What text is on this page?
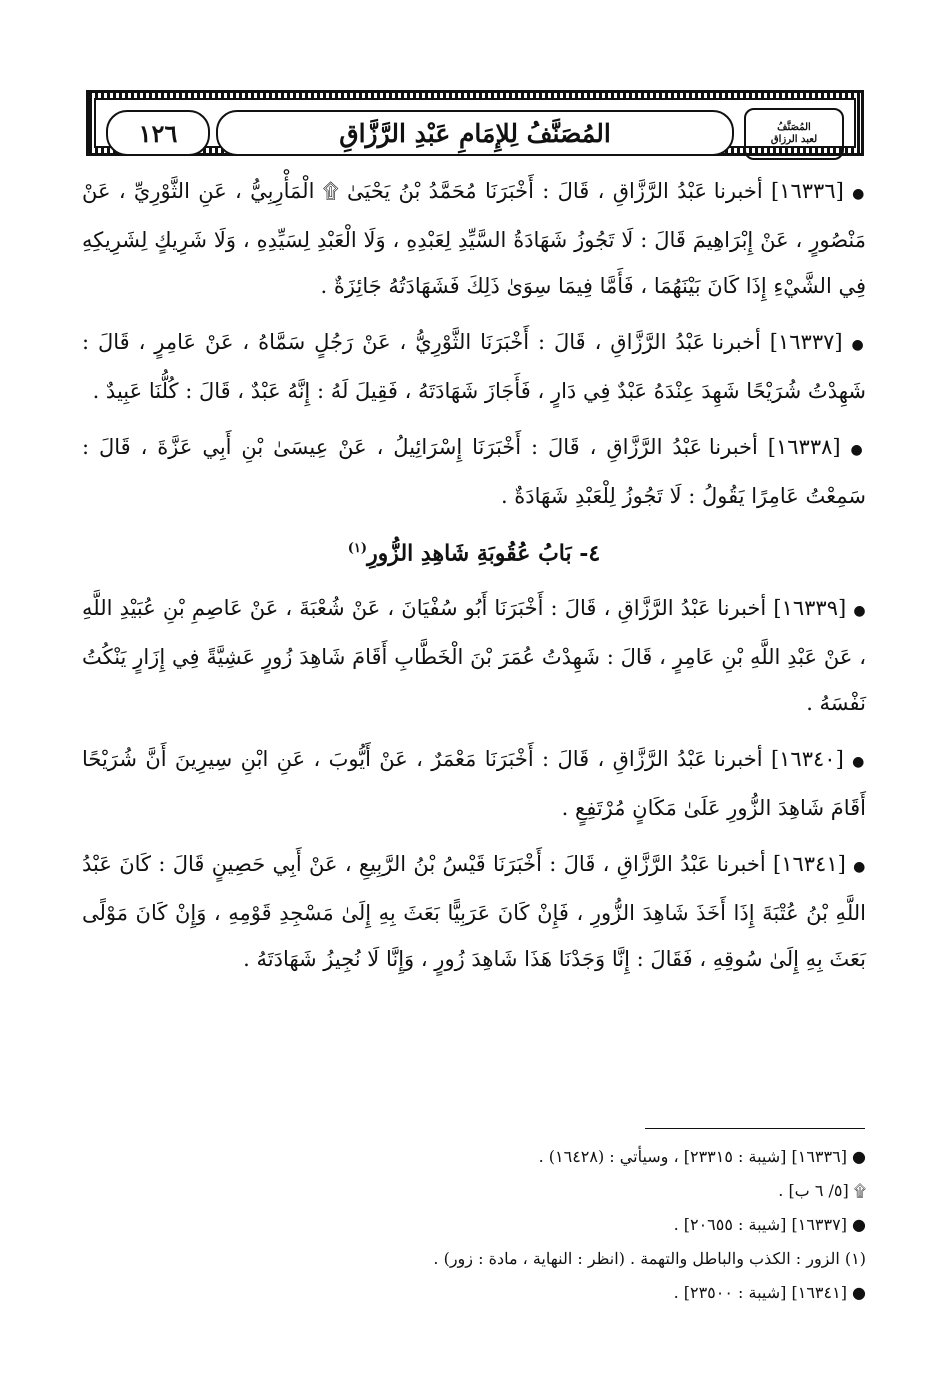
١٢٦	المُصَنَّفُ لِلإِمَامِ عَبْدِ الرَّزَّاقِ	المُصَنَّفُ
لعبد الرزاق

● [١٦٣٣٦] أخبرنا عَبْدُ الرَّزَّاقِ ، قَالَ : أَخْبَرَنَا مُحَمَّدُ بْنُ يَحْيَىٰ ۩ الْمَأْرِبِيُّ ، عَنِ الثَّوْرِيِّ ، عَنْ مَنْصُورٍ ، عَنْ إِبْرَاهِيمَ قَالَ : لَا تَجُوزُ شَهَادَةُ السَّيِّدِ لِعَبْدِهِ ، وَلَا الْعَبْدِ لِسَيِّدِهِ ، وَلَا شَرِيكٍ لِشَرِيكِهِ فِي الشَّيْءِ إِذَا كَانَ بَيْنَهُمَا ، فَأَمَّا فِيمَا سِوَىٰ ذَلِكَ فَشَهَادَتُهُ جَائِزَةٌ .

● [١٦٣٣٧] أخبرنا عَبْدُ الرَّزَّاقِ ، قَالَ : أَخْبَرَنَا الثَّوْرِيُّ ، عَنْ رَجُلٍ سَمَّاهُ ، عَنْ عَامِرٍ ، قَالَ : شَهِدْتُ شُرَيْحًا شَهِدَ عِنْدَهُ عَبْدٌ فِي دَارٍ ، فَأَجَازَ شَهَادَتَهُ ، فَقِيلَ لَهُ : إِنَّهُ عَبْدٌ ، قَالَ : كُلُّنَا عَبِيدٌ .

● [١٦٣٣٨] أخبرنا عَبْدُ الرَّزَّاقِ ، قَالَ : أَخْبَرَنَا إِسْرَائِيلُ ، عَنْ عِيسَىٰ بْنِ أَبِي عَزَّةَ ، قَالَ : سَمِعْتُ عَامِرًا يَقُولُ : لَا تَجُوزُ لِلْعَبْدِ شَهَادَةٌ .

٤- بَابُ عُقُوبَةِ شَاهِدِ الزُّورِ$^{(١)}$

● [١٦٣٣٩] أخبرنا عَبْدُ الرَّزَّاقِ ، قَالَ : أَخْبَرَنَا أَبُو سُفْيَانَ ، عَنْ شُعْبَةَ ، عَنْ عَاصِمِ بْنِ عُبَيْدِ اللَّهِ ، عَنْ عَبْدِ اللَّهِ بْنِ عَامِرٍ ، قَالَ : شَهِدْتُ عُمَرَ بْنَ الْخَطَّابِ أَقَامَ شَاهِدَ زُورٍ عَشِيَّةً فِي إِزَارٍ يَنْكُتُ نَفْسَهُ .

● [١٦٣٤٠] أخبرنا عَبْدُ الرَّزَّاقِ ، قَالَ : أَخْبَرَنَا مَعْمَرٌ ، عَنْ أَيُّوبَ ، عَنِ ابْنِ سِيرِينَ أَنَّ شُرَيْحًا أَقَامَ شَاهِدَ الزُّورِ عَلَىٰ مَكَانٍ مُرْتَفِعٍ .

● [١٦٣٤١] أخبرنا عَبْدُ الرَّزَّاقِ ، قَالَ : أَخْبَرَنَا قَيْسُ بْنُ الرَّبِيعِ ، عَنْ أَبِي حَصِينٍ قَالَ : كَانَ عَبْدُ اللَّهِ بْنُ عُتْبَةَ إِذَا أَخَذَ شَاهِدَ الزُّورِ ، فَإِنْ كَانَ عَرَبِيًّا بَعَثَ بِهِ إِلَىٰ مَسْجِدِ قَوْمِهِ ، وَإِنْ كَانَ مَوْلًى بَعَثَ بِهِ إِلَىٰ سُوقِهِ ، فَقَالَ : إِنَّا وَجَدْنَا هَذَا شَاهِدَ زُورٍ ، وَإِنَّا لَا نُجِيزُ شَهَادَتَهُ .

● [١٦٣٣٦] [شيبة : ٢٣٣١٥] ، وسيأتي : (١٦٤٢٨) .
۩ [٥/ ٦ ب] .
● [١٦٣٣٧] [شيبة : ٢٠٦٥٥] .
(١) الزور : الكذب والباطل والتهمة . (انظر : النهاية ، مادة : زور) .
● [١٦٣٤١] [شيبة : ٢٣٥٠٠] .
